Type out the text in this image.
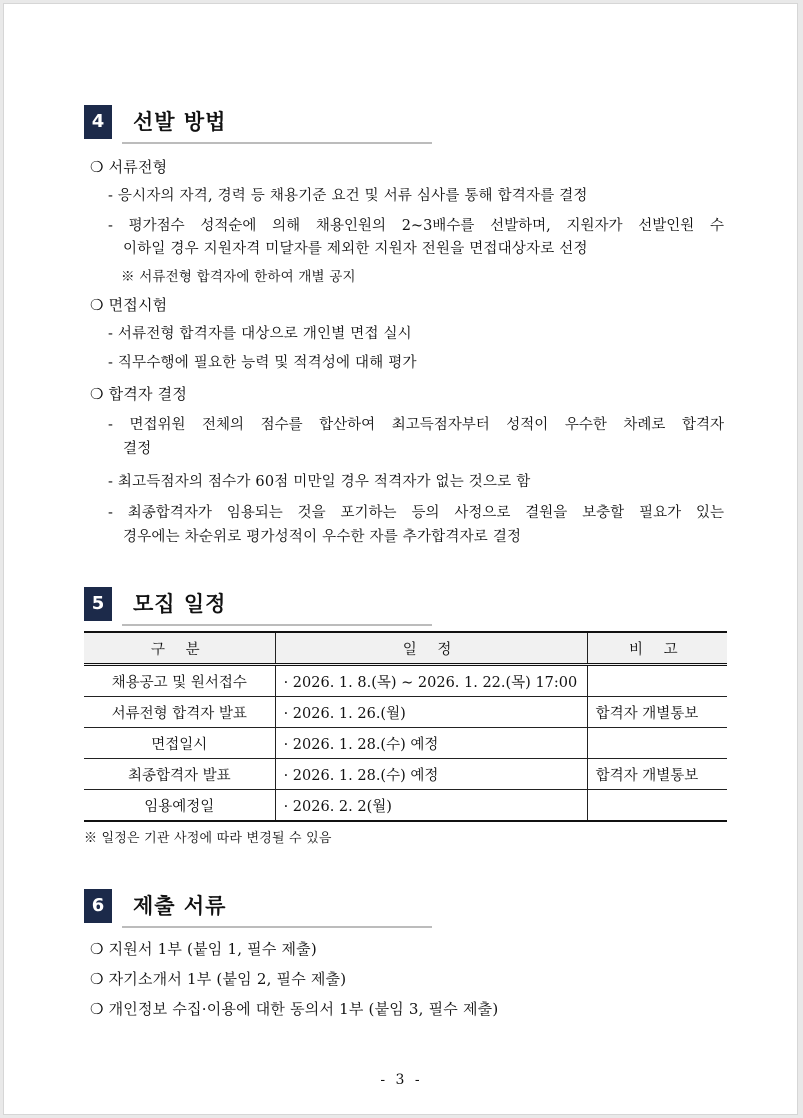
4	선발 방법
❍ 서류전형
- 응시자의 자격, 경력 등 채용기준 요건 및 서류 심사를 통해 합격자를 결정
- 평가점수 성적순에 의해 채용인원의 2~3배수를 선발하며, 지원자가 선발인원 수
이하일 경우 지원자격 미달자를 제외한 지원자 전원을 면접대상자로 선정
※ 서류전형 합격자에 한하여 개별 공지
❍ 면접시험
- 서류전형 합격자를 대상으로 개인별 면접 실시
- 직무수행에 필요한 능력 및 적격성에 대해 평가
❍ 합격자 결정
- 면접위원 전체의 점수를 합산하여 최고득점자부터 성적이 우수한 차례로 합격자
결정
- 최고득점자의 점수가 60점 미만일 경우 적격자가 없는 것으로 함
- 최종합격자가 임용되는 것을 포기하는 등의 사정으로 결원을 보충할 필요가 있는
경우에는 차순위로 평가성적이 우수한 자를 추가합격자로 결정
5	모집 일정
구 분	일 정	비 고
채용공고 및 원서접수	· 2026. 1. 8.(목) ∼ 2026. 1. 22.(목) 17:00	
서류전형 합격자 발표	· 2026. 1. 26.(월)	합격자 개별통보
면접일시	· 2026. 1. 28.(수) 예정	
최종합격자 발표	· 2026. 1. 28.(수) 예정	합격자 개별통보
임용예정일	· 2026. 2. 2(월)	
※ 일정은 기관 사정에 따라 변경될 수 있음
6	제출 서류
❍ 지원서 1부 (붙임 1, 필수 제출)
❍ 자기소개서 1부 (붙임 2, 필수 제출)
❍ 개인정보 수집·이용에 대한 동의서 1부 (붙임 3, 필수 제출)
- 3 -
